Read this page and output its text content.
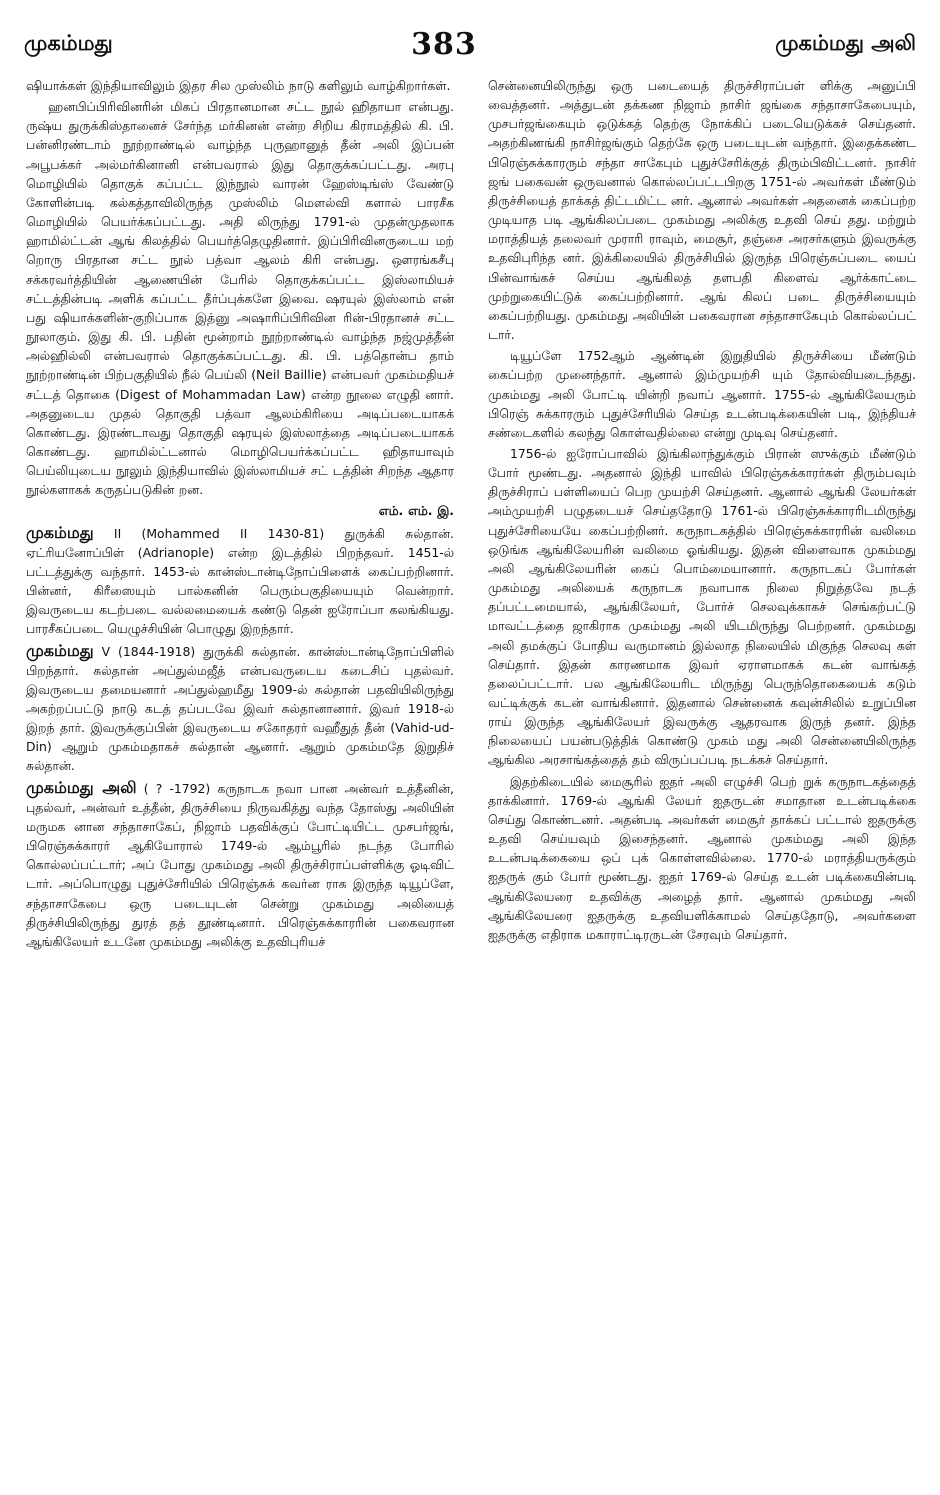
முகம்மது	383	முகம்மது அலி

ஷியாக்கள் இந்தியாவிலும் இதர சில முஸ்லிம் நாடு களிலும் வாழ்கிறார்கள்.

ஹனபிப்பிரிவினரின் மிகப் பிரதானமான சட்ட நூல் ஹிதாயா என்பது. ருஷ்ய துருக்கிஸ்தானைச் சேர்ந்த மர்கினன் என்ற சிறிய கிராமத்தில் கி. பி. பன்னிரண்டாம் நூற்றாண்டில் வாழ்ந்த புருஹானுத் தீன் அலி இப்பன் அபூபக்கர் அல்மர்கினானி என்பவரால் இது தொகுக்கப்பட்டது. அரபு மொழியில் தொகுக் கப்பட்ட இந்நூல் வாரன் ஹேஸ்டிங்ஸ் வேண்டு கோளின்படி கல்கத்தாவிலிருந்த முஸ்லிம் மௌல்வி களால் பாரசீக மொழியில் பெயர்க்கப்பட்டது. அதி லிருந்து 1791-ல் முதன்முதலாக ஹாமில்ட்டன் ஆங் கிலத்தில் பெயர்த்தெழுதினார். இப்பிரிவினருடைய மற் றொரு பிரதான சட்ட நூல் பத்வா ஆலம் கிரி என்பது. ஔரங்கசீபு சக்கரவர்த்தியின் ஆணையின் பேரில் தொகுக்கப்பட்ட இஸ்லாமியச் சட்டத்தின்படி அளிக் கப்பட்ட தீர்ப்புக்களே இவை. ஷரயுல் இஸ்லாம் என் பது ஷியாக்களின்-குறிப்பாக இத்னு அஷாரிப்பிரிவின ரின்-பிரதானச் சட்ட நூலாகும். இது கி. பி. பதின் மூன்றாம் நூற்றாண்டில் வாழ்ந்த நஜ்முத்தீன் அல்ஹில்லி என்பவரால் தொகுக்கப்பட்டது. கி. பி. பத்தொன்ப தாம் நூற்றாண்டின் பிற்பகுதியில் நீல் பெய்லி (Neil Baillie) என்பவர் முகம்மதியச் சட்டத் தொகை (Digest of Mohammadan Law) என்ற நூலை எழுதி னார். அதனுடைய முதல் தொகுதி பத்வா ஆலம்கிரியை அடிப்படையாகக் கொண்டது. இரண்டாவது தொகுதி ஷரயுல் இஸ்லாத்தை அடிப்படையாகக் கொண்டது. ஹாமில்ட்டனால் மொழிபெயர்க்கப்பட்ட ஹிதாயாவும் பெய்லியுடைய நூலும் இந்தியாவில் இஸ்லாமியச் சட் டத்தின் சிறந்த ஆதார நூல்களாகக் கருதப்படுகின் றன.

எம். எம். இ.

முகம்மது II (Mohammed II 1430-81) துருக்கி சுல்தான். ஏட்ரியனோப்பிள் (Adrianople) என்ற இடத்தில் பிறந்தவர். 1451-ல் பட்டத்துக்கு வந்தார். 1453-ல் கான்ஸ்டான்டிநோப்பிளைக் கைப்பற்றினார். பின்னர், கிரீஸையும் பால்கனின் பெரும்பகுதியையும் வென்றார். இவருடைய கடற்படை வல்லமையைக் கண்டு தென் ஐரோப்பா கலங்கியது. பாரசீகப்படை யெழுச்சியின் பொழுது இறந்தார்.

முகம்மது V (1844-1918) துருக்கி சுல்தான். கான்ஸ்டான்டிநோப்பிளில் பிறந்தார். சுல்தான் அப்துல்மஜீத் என்பவருடைய கடைசிப் புதல்வர். இவருடைய தமையனார் அப்துல்ஹமீது 1909-ல் சுல்தான் பதவியிலிருந்து அகற்றப்பட்டு நாடு கடத் தப்படவே இவர் சுல்தானானார். இவர் 1918-ல் இறந் தார். இவருக்குப்பின் இவருடைய சகோதரர் வஹீதுத் தீன் (Vahid-ud-Din) ஆறும் முகம்மதாகச் சுல்தான் ஆனார். ஆறும் முகம்மதே இறுதிச் சுல்தான்.

முகம்மது அலி ( ? -1792) கருநாடக நவா பான அன்வர் உத்தீனின், புதல்வர், அன்வர் உத்தீன், திருச்சியை நிருவகித்து வந்த தோஸ்து அலியின் மருமக னான சந்தாசாகேப், நிஜாம் பதவிக்குப் போட்டியிட்ட முசபர்ஜங், பிரெஞ்சுக்காரர் ஆகியோரால் 1749-ல் ஆம்பூரில் நடந்த போரில் கொல்லப்பட்டார்; அப் போது முகம்மது அலி திருச்சிராப்பள்ளிக்கு ஓடிவிட் டார். அப்பொழுது புதுச்சேரியில் பிரெஞ்சுக் கவர்ன ராக இருந்த டியூப்ளே, சந்தாசாகேபை ஒரு படையுடன் சென்று முகம்மது அலியைத் திருச்சியிலிருந்து துரத் தத் தூண்டினார். பிரெஞ்சுக்காரரின் பகைவரான ஆங்கிலேயர் உடனே முகம்மது அலிக்கு உதவிபுரியச்

சென்னையிலிருந்து ஒரு படையைத் திருச்சிராப்பள் ளிக்கு அனுப்பி வைத்தனர். அத்துடன் தக்கண நிஜாம் நாசிர் ஜங்கை சந்தாசாகேபையும், முசபர்ஜங்கையும் ஒடுக்கத் தெற்கு நோக்கிப் படையெடுக்கச் செய்தனர். அதற்கிணங்கி நாசிர்ஜங்கும் தெற்கே ஒரு படையுடன் வந்தார். இதைக்கண்ட பிரெஞ்சுக்காரரும் சந்தா சாகேபும் புதுச்சேரிக்குத் திரும்பிவிட்டனர். நாசிர் ஜங் பகைவன் ஒருவனால் கொல்லப்பட்டபிறகு 1751-ல் அவர்கள் மீண்டும் திருச்சியைத் தாக்கத் திட்டமிட்ட னர். ஆனால் அவர்கள் அதனைக் கைப்பற்ற முடியாத படி ஆங்கிலப்படை முகம்மது அலிக்கு உதவி செய் தது. மற்றும் மராத்தியத் தலைவர் முராரி ராவும், மைசூர், தஞ்சை அரசர்களும் இவருக்கு உதவிபுரிந்த னர். இக்கிலையில் திருச்சியில் இருந்த பிரெஞ்சுப்படை யைப் பின்வாங்கச் செய்ய ஆங்கிலத் தளபதி கிளைவ் ஆர்க்காட்டை முற்றுகையிட்டுக் கைப்பற்றினார். ஆங் கிலப் படை திருச்சியையும் கைப்பற்றியது. முகம்மது அலியின் பகைவரான சந்தாசாகேபும் கொல்லப்பட் டார்.

டியூப்ளே 1752ஆம் ஆண்டின் இறுதியில் திருச்சியை மீண்டும் கைப்பற்ற முனைந்தார். ஆனால் இம்முயற்சி யும் தோல்வியடைந்தது. முகம்மது அலி போட்டி யின்றி நவாப் ஆனார். 1755-ல் ஆங்கிலேயரும் பிரெஞ் சுக்காரரும் புதுச்சேரியில் செய்த உடன்படிக்கையின் படி, இந்தியச் சண்டைகளில் கலந்து கொள்வதில்லை என்று முடிவு செய்தனர்.

1756-ல் ஐரோப்பாவில் இங்கிலாந்துக்கும் பிரான் ஸுக்கும் மீண்டும் போர் மூண்டது. அதனால் இந்தி யாவில் பிரெஞ்சுக்காரர்கள் திரும்பவும் திருச்சிராப் பள்ளியைப் பெற முயற்சி செய்தனர். ஆனால் ஆங்கி லேயர்கள் அம்முயற்சி பழுதடையச் செய்ததோடு 1761-ல் பிரெஞ்சுக்காரரிடமிருந்து புதுச்சேரியையே கைப்பற்றினர். கருநாடகத்தில் பிரெஞ்சுக்காரரின் வலிமை ஒடுங்க ஆங்கிலேயரின் வலிமை ஓங்கியது. இதன் விளைவாக முகம்மது அலி ஆங்கிலேயரின் கைப் பொம்மையானார். கருநாடகப் போர்கள் முகம்மது அலியைக் கருநாடக நவாபாக நிலை நிறுத்தவே நடத் தப்பட்டமையால், ஆங்கிலேயர், போர்ச் செலவுக்காகச் செங்கற்பட்டு மாவட்டத்தை ஜாகிராக முகம்மது அலி யிடமிருந்து பெற்றனர். முகம்மது அலி தமக்குப் போதிய வருமானம் இல்லாத நிலையில் மிகுந்த செலவு கள் செய்தார். இதன் காரணமாக இவர் ஏராளமாகக் கடன் வாங்கத் தலைப்பட்டார். பல ஆங்கிலேயரிட மிருந்து பெருந்தொகையைக் கடும் வட்டிக்குக் கடன் வாங்கினார். இதனால் சென்னைக் கவுன்சிலில் உறுப்பின ராய் இருந்த ஆங்கிலேயர் இவருக்கு ஆதரவாக இருந் தனர். இந்த நிலையைப் பயன்படுத்திக் கொண்டு முகம் மது அலி சென்னையிலிருந்த ஆங்கில அரசாங்கத்தைத் தம் விருப்பப்படி நடக்கச் செய்தார்.

இதற்கிடையில் மைசூரில் ஐதர் அலி எழுச்சி பெற் றுக் கருநாடகத்தைத் தாக்கினார். 1769-ல் ஆங்கி லேயர் ஐதருடன் சமாதான உடன்படிக்கை செய்து கொண்டனர். அதன்படி அவர்கள் மைசூர் தாக்கப் பட்டால் ஐதருக்கு உதவி செய்யவும் இசைந்தனர். ஆனால் முகம்மது அலி இந்த உடன்படிக்கையை ஒப் புக் கொள்ளவில்லை. 1770-ல் மராத்தியருக்கும் ஐதருக் கும் போர் மூண்டது. ஐதர் 1769-ல் செய்த உடன் படிக்கையின்படி ஆங்கிலேயரை உதவிக்கு அழைத் தார். ஆனால் முகம்மது அலி ஆங்கிலேயரை ஐதருக்கு உதவியளிக்காமல் செய்ததோடு, அவர்களை ஐதருக்கு எதிராக மகாராட்டிரருடன் சேரவும் செய்தார்.
